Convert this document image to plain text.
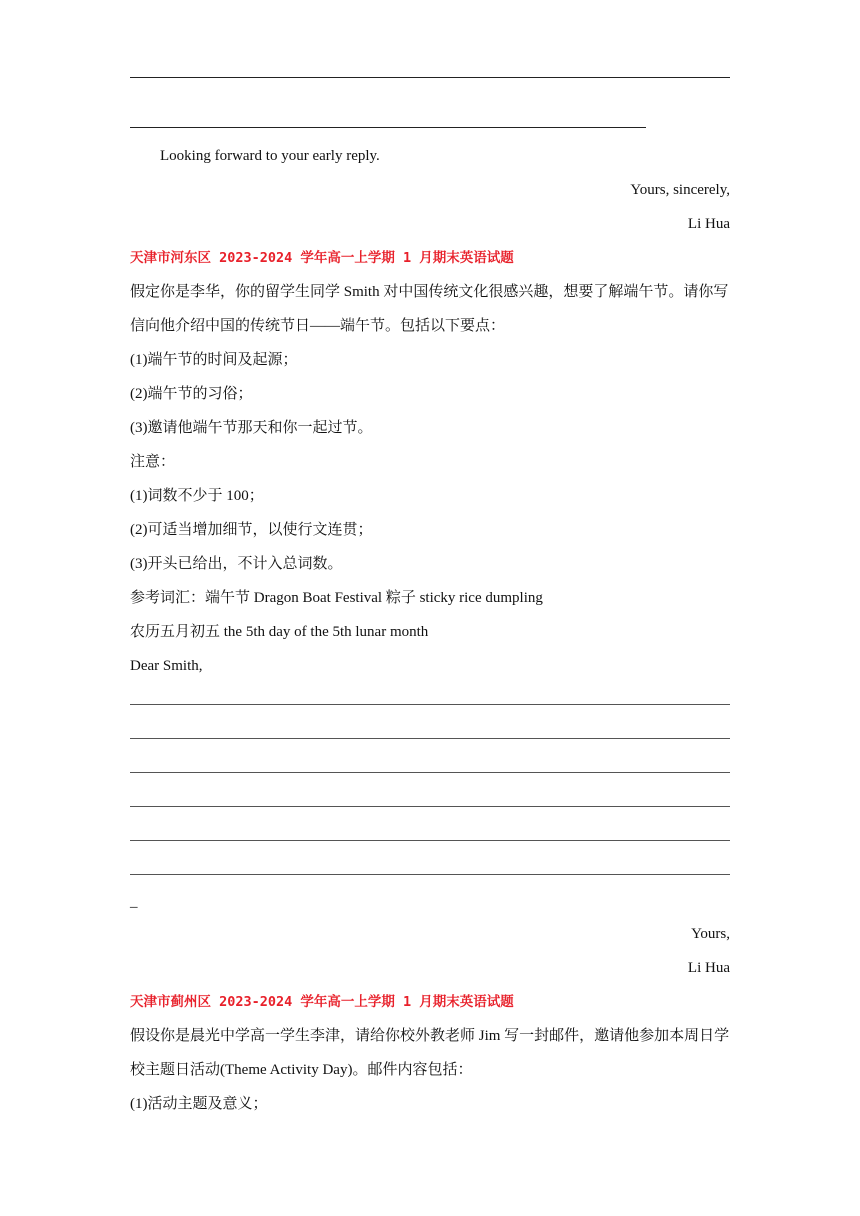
Looking forward to your early reply.
Yours, sincerely,
Li Hua
天津市河东区 2023-2024 学年高一上学期 1 月期末英语试题
假定你是李华，你的留学生同学 Smith 对中国传统文化很感兴趣，想要了解端午节。请你写
信向他介绍中国的传统节日——端午节。包括以下要点：
(1)端午节的时间及起源；
(2)端午节的习俗；
(3)邀请他端午节那天和你一起过节。
注意：
(1)词数不少于 100；
(2)可适当增加细节，以使行文连贯；
(3)开头已给出，不计入总词数。
参考词汇：端午节 Dragon Boat Festival 粽子 sticky rice dumpling
农历五月初五 the 5th day of the 5th lunar month
Dear Smith,
_
Yours,
Li Hua
天津市蓟州区 2023-2024 学年高一上学期 1 月期末英语试题
假设你是晨光中学高一学生李津，请给你校外教老师 Jim 写一封邮件，邀请他参加本周日学
校主题日活动(Theme Activity Day)。邮件内容包括：
(1)活动主题及意义；
